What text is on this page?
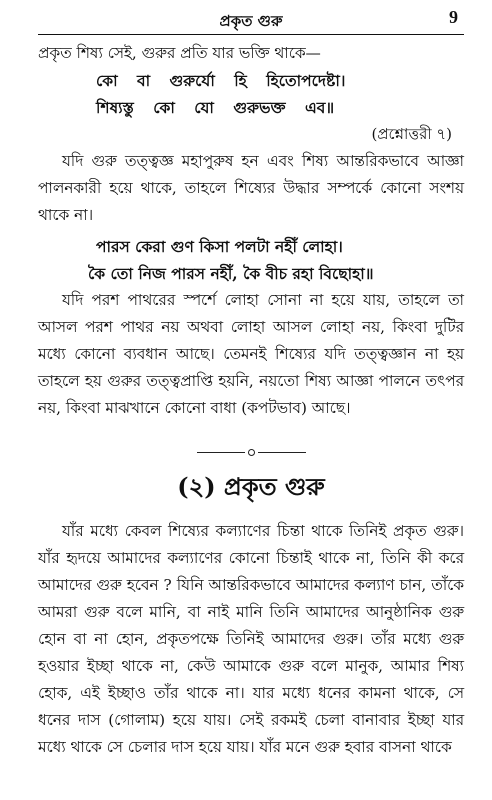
প্রকৃত গুরু	9

প্রকৃত শিষ্য সেই, গুরুর প্রতি যার ভক্তি থাকে—

কো বা গুরুর্যো হি হিতোপদেষ্টা।

শিষ্যস্তু কো যো গুরুভক্ত এব॥

(প্রশ্নোত্তরী ৭)

যদি গুরু তত্ত্বজ্ঞ মহাপুরুষ হন এবং শিষ্য আন্তরিকভাবে আজ্ঞা পালনকারী হয়ে থাকে, তাহলে শিষ্যের উদ্ধার সম্পর্কে কোনো সংশয় থাকে না।

পারস কেরা গুণ কিসা পলটা নহীঁ লোহা।

কৈ তো নিজ পারস নহীঁ, কৈ বীচ রহা বিছোহা॥

যদি পরশ পাথরের স্পর্শে লোহা সোনা না হয়ে যায়, তাহলে তা আসল পরশ পাথর নয় অথবা লোহা আসল লোহা নয়, কিংবা দুটির মধ্যে কোনো ব্যবধান আছে। তেমনই শিষ্যের যদি তত্ত্বজ্ঞান না হয় তাহলে হয় গুরুর তত্ত্বপ্রাপ্তি হয়নি, নয়তো শিষ্য আজ্ঞা পালনে তৎপর নয়, কিংবা মাঝখানে কোনো বাধা (কপটভাব) আছে।

(২) প্রকৃত গুরু

যাঁর মধ্যে কেবল শিষ্যের কল্যাণের চিন্তা থাকে তিনিই প্রকৃত গুরু। যাঁর হৃদয়ে আমাদের কল্যাণের কোনো চিন্তাই থাকে না, তিনি কী করে আমাদের গুরু হবেন ? যিনি আন্তরিকভাবে আমাদের কল্যাণ চান, তাঁকে আমরা গুরু বলে মানি, বা নাই মানি তিনি আমাদের আনুষ্ঠানিক গুরু হোন বা না হোন, প্রকৃতপক্ষে তিনিই আমাদের গুরু। তাঁর মধ্যে গুরু হওয়ার ইচ্ছা থাকে না, কেউ আমাকে গুরু বলে মানুক, আমার শিষ্য হোক, এই ইচ্ছাও তাঁর থাকে না। যার মধ্যে ধনের কামনা থাকে, সে ধনের দাস (গোলাম) হয়ে যায়। সেই রকমই চেলা বানাবার ইচ্ছা যার মধ্যে থাকে সে চেলার দাস হয়ে যায়। যাঁর মনে গুরু হবার বাসনা থাকে
